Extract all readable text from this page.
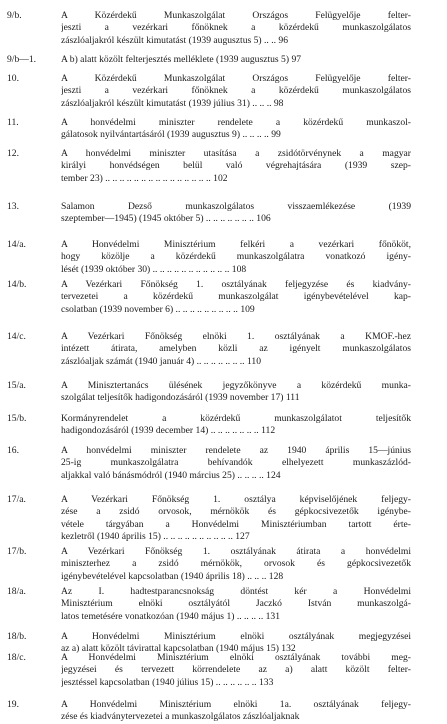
9/b.	A Közérdekű Munkaszolgálat Országos Felügyelője felter-
jeszti a vezérkari főnöknek a közérdekű munkaszolgálatos
zászlóaljakról készült kimutatást (1939 augusztus 5) .. .. 96
9/b—1.	A b) alatt közölt felterjesztés melléklete (1939 augusztus 5) 97
10.	A Közérdekű Munkaszolgálat Országos Felügyelője felter-
jeszti a vezérkari főnöknek a közérdekű munkaszolgálatos
zászlóaljakról készült kimutatást (1939 július 31) .. .. .. 98
11.	A honvédelmi miniszter rendelete a közérdekű munkaszol-
gálatosok nyilvántartásáról (1939 augusztus 9) .. .. .. .. 99
12.	A honvédelmi miniszter utasítása a zsidótörvénynek a magyar
királyi honvédségen belül való végrehajtására (1939 szep-
tember 23) .. .. .. .. .. .. .. .. .. .. .. .. .. .. .. 102
13.	Salamon Dezső munkaszolgálatos visszaemlékezése (1939
szeptember—1945) (1945 október 5) .. .. .. .. .. .. .. 106
14/a.	A Honvédelmi Minisztérium felkéri a vezérkari főnököt,
hogy közölje a közérdekű munkaszolgálatra vonatkozó igény-
lését (1939 október 30) .. .. .. .. .. .. .. .. .. .. .. 108
14/b.	A Vezérkari Főnökség 1. osztályának feljegyzése és kiadvány-
tervezetei a közérdekű munkaszolgálat igénybevételével kap-
csolatban (1939 november 6) .. .. .. .. .. .. .. .. .. 109
14/c.	A Vezérkari Főnökség elnöki 1. osztályának a KMOF.-hez
intézett átirata, amelyben közli az igényelt munkaszolgálatos
zászlóaljak számát (1940 január 4) .. .. .. .. .. .. .. 110
15/a.	A Minisztertanács ülésének jegyzőkönyve a közérdekű munka-
szolgálat teljesítők hadigondozásáról (1939 november 17) 111
15/b.	Kormányrendelet a közérdekű munkaszolgálatot teljesítők
hadigondozásáról (1939 december 14) .. .. .. .. .. .. .. 112
16.	A honvédelmi miniszter rendelete az 1940 április 15—június
25-ig munkaszolgálatra behívandók elhelyezett munkaszázlód-
aljakkal való bánásmódról (1940 március 25) .. .. .. .. 124
17/a.	A Vezérkari Főnökség 1. osztálya képviselőjének feljegy-
zése a zsidó orvosok, mérnökök és gépkocsivezetők igénybe-
vétele tárgyában a Honvédelmi Minisztériumban tartott érte-
kezletről (1940 április 15) .. .. .. .. .. .. .. .. .. .. 127
17/b.	A Vezérkari Főnökség 1. osztályának átirata a honvédelmi
miniszterhez a zsidó mérnökök, orvosok és gépkocsivezetők
igénybevételével kapcsolatban (1940 április 18) .. .. .. 128
18/a.	Az I. hadtestparancsnokság döntést kér a Honvédelmi
Minisztérium elnöki osztályától Jaczkó István munkaszolgá-
latos temetésére vonatkozóan (1940 május 1) .. .. .. .. 131
18/b.	A Honvédelmi Minisztérium elnöki osztályának megjegyzései
az a) alatt közölt távirattal kapcsolatban (1940 május 15) 132
18/c.	A Honvédelmi Minisztérium elnöki osztályának további meg-
jegyzései és tervezett körrendelete az a) alatt közölt felter-
jesztéssel kapcsolatban (1940 július 15) .. .. .. .. .. .. 133
19.	A Honvédelmi Minisztérium elnöki 1a. osztályának feljegy-
zése és kiadványtervezetei a munkaszolgálatos zászlóaljaknak
